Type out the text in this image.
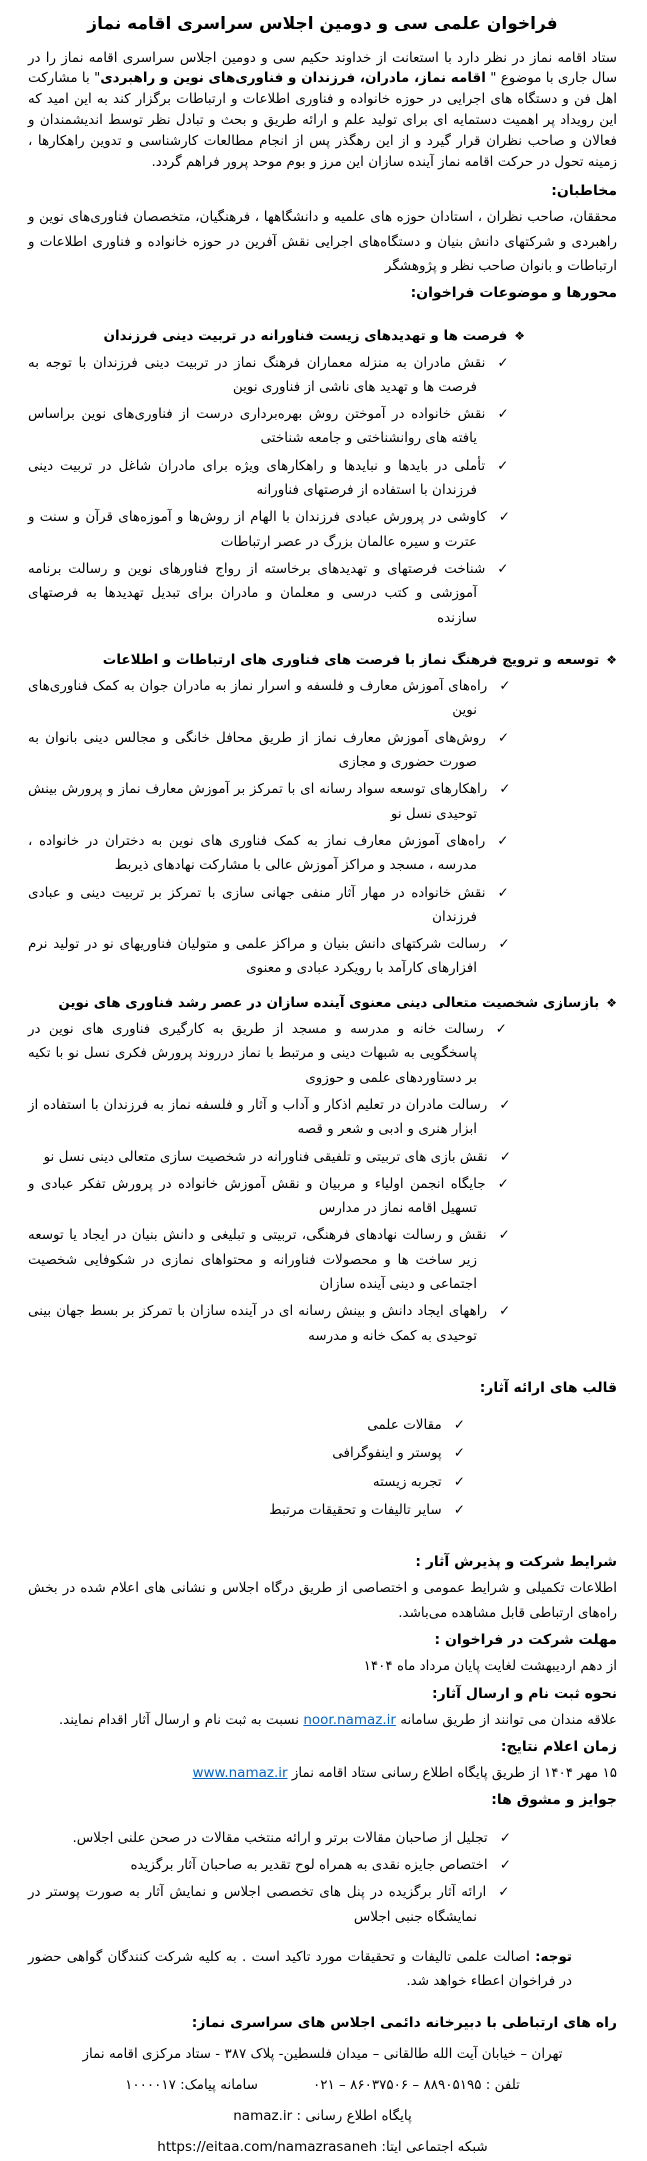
فراخوان علمی سی و دومین اجلاس سراسری اقامه نماز

ستاد اقامه نماز در نظر دارد با استعانت از خداوند حکیم سی و دومین اجلاس سراسری اقامه نماز را در سال جاری با موضوع " اقامه نماز، مادران، فرزندان و فناوری‌های نوین و راهبردی" با مشارکت اهل فن و دستگاه های اجرایی در حوزه خانواده و فناوری اطلاعات و ارتباطات برگزار کند به این امید که این رویداد پر اهمیت دستمایه ای برای تولید علم و ارائه طریق و بحث و تبادل نظر توسط اندیشمندان و فعالان و صاحب نظران قرار گیرد و از این رهگذر پس از انجام مطالعات کارشناسی و تدوین راهکارها ، زمینه تحول در حرکت اقامه نماز آینده سازان این مرز و بوم موحد پرور فراهم گردد.

مخاطبان:

محققان، صاحب نظران ، استادان حوزه های علمیه و دانشگاهها ، فرهنگیان، متخصصان فناوری‌های نوین و راهبردی و شرکتهای دانش بنیان و دستگاه‌های اجرایی نقش آفرین در حوزه خانواده و فناوری اطلاعات و ارتباطات و بانوان صاحب نظر و پژوهشگر

محورها و موضوعات فراخوان:
❖فرصت ها و تهدیدهای زیست فناورانه در تربیت دینی فرزندان
✓نقش مادران به منزله معماران فرهنگ نماز در تربیت دینی فرزندان با توجه به فرصت ها و تهدید های ناشی از فناوری نوین
✓نقش خانواده در آموختن روش بهره‌برداری درست از فناوری‌های نوین براساس یافته های روانشناختی و جامعه شناختی
✓تأملی در بایدها و نبایدها و راهکارهای ویژه برای مادران شاغل در تربیت دینی فرزندان با استفاده از فرصتهای فناورانه
✓کاوشی در پرورش عبادی فرزندان با الهام از روش‌ها و آموزه‌های قرآن و سنت و عترت و سیره عالمان بزرگ در عصر ارتباطات
✓شناخت فرصتهای و تهدیدهای برخاسته از رواج فناورهای نوین و رسالت برنامه آموزشی و کتب درسی و معلمان و مادران برای تبدیل تهدیدها به فرصتهای سازنده
❖توسعه و ترویج فرهنگ نماز با فرصت های فناوری های ارتباطات و اطلاعات
✓راه‌های آموزش معارف و فلسفه و اسرار نماز به مادران جوان به کمک فناوری‌های نوین
✓روش‌های آموزش معارف نماز از طریق محافل خانگی و مجالس دینی بانوان به صورت حضوری و مجازی
✓راهکارهای توسعه سواد رسانه ای با تمرکز بر آموزش معارف نماز و پرورش بینش توحیدی نسل نو
✓راه‌های آموزش معارف نماز به کمک فناوری های نوین به دختران در خانواده ، مدرسه ، مسجد و مراکز آموزش عالی با مشارکت نهادهای ذیربط
✓نقش خانواده در مهار آثار منفی جهانی سازی با تمرکز بر تربیت دینی و عبادی فرزندان
✓رسالت شرکتهای دانش بنیان و مراکز علمی و متولیان فناوریهای نو در تولید نرم افزارهای کارآمد با رویکرد عبادی و معنوی
❖بازسازی شخصیت متعالی دینی معنوی آینده سازان در عصر رشد فناوری های نوین
✓رسالت خانه و مدرسه و مسجد از طریق به کارگیری فناوری های نوین در پاسخگویی به شبهات دینی و مرتبط با نماز درروند پرورش فکری نسل نو با تکیه بر دستاوردهای علمی و حوزوی
✓رسالت مادران در تعلیم اذکار و آداب و آثار و فلسفه نماز به فرزندان با استفاده از ابزار هنری و ادبی و شعر و قصه
✓نقش بازی های تربیتی و تلفیقی فناورانه در شخصیت سازی متعالی دینی نسل نو
✓جایگاه انجمن اولیاء و مربیان و نقش آموزش خانواده در پرورش تفکر عبادی و تسهیل اقامه نماز در مدارس
✓نقش و رسالت نهادهای فرهنگی، تربیتی و تبلیغی و دانش بنیان در ایجاد یا توسعه زیر ساخت ها و محصولات فناورانه و محتواهای نمازی در شکوفایی شخصیت اجتماعی و دینی آینده سازان
✓راههای ایجاد دانش و بینش رسانه ای در آینده سازان با تمرکز بر بسط جهان بینی توحیدی به کمک خانه و مدرسه
قالب های ارائه آثار:
✓مقالات علمی
✓پوستر و اینفوگرافی
✓تجربه زیسته
✓سایر تالیفات و تحقیقات مرتبط
شرایط شرکت و پذیرش آثار :

اطلاعات تکمیلی و شرایط عمومی و اختصاصی از طریق درگاه اجلاس و نشانی های اعلام شده در بخش راه‌های ارتباطی قابل مشاهده می‌باشد.

مهلت شرکت در فراخوان :

از دهم اردیبهشت لغایت پایان مرداد ماه ۱۴۰۴

نحوه ثبت نام و ارسال آثار:

علاقه مندان می توانند از طریق سامانه noor.namaz.ir نسبت به ثبت نام و ارسال آثار اقدام نمایند.

زمان اعلام نتایج:

۱۵ مهر ۱۴۰۴ از طریق پایگاه اطلاع رسانی ستاد اقامه نماز www.namaz.ir

جوایز و مشوق ها:
✓تجلیل از صاحبان مقالات برتر و ارائه منتخب مقالات در صحن علنی اجلاس.
✓اختصاص جایزه نقدی به همراه لوح تقدیر به صاحبان آثار برگزیده
✓ارائه آثار برگزیده در پنل های تخصصی اجلاس و نمایش آثار به صورت پوستر در نمایشگاه جنبی اجلاس

توجه: اصالت علمی تالیفات و تحقیقات مورد تاکید است . به کلیه شرکت کنندگان گواهی حضور در فراخوان اعطاء خواهد شد.

راه های ارتباطی با دبیرخانه دائمی اجلاس های سراسری نماز:

تهران – خیابان آیت الله طالقانی – میدان فلسطین- پلاک ۳۸۷ - ستاد مرکزی اقامه نماز

تلفن : ۸۸۹۰۵۱۹۵ – ۸۶۰۳۷۵۰۶ – ۰۲۱
سامانه پیامک: ۱۰۰۰۰۱۷

پایگاه اطلاع رسانی : namaz.ir

شبکه اجتماعی ایتا: https://eitaa.com/namazrasaneh
